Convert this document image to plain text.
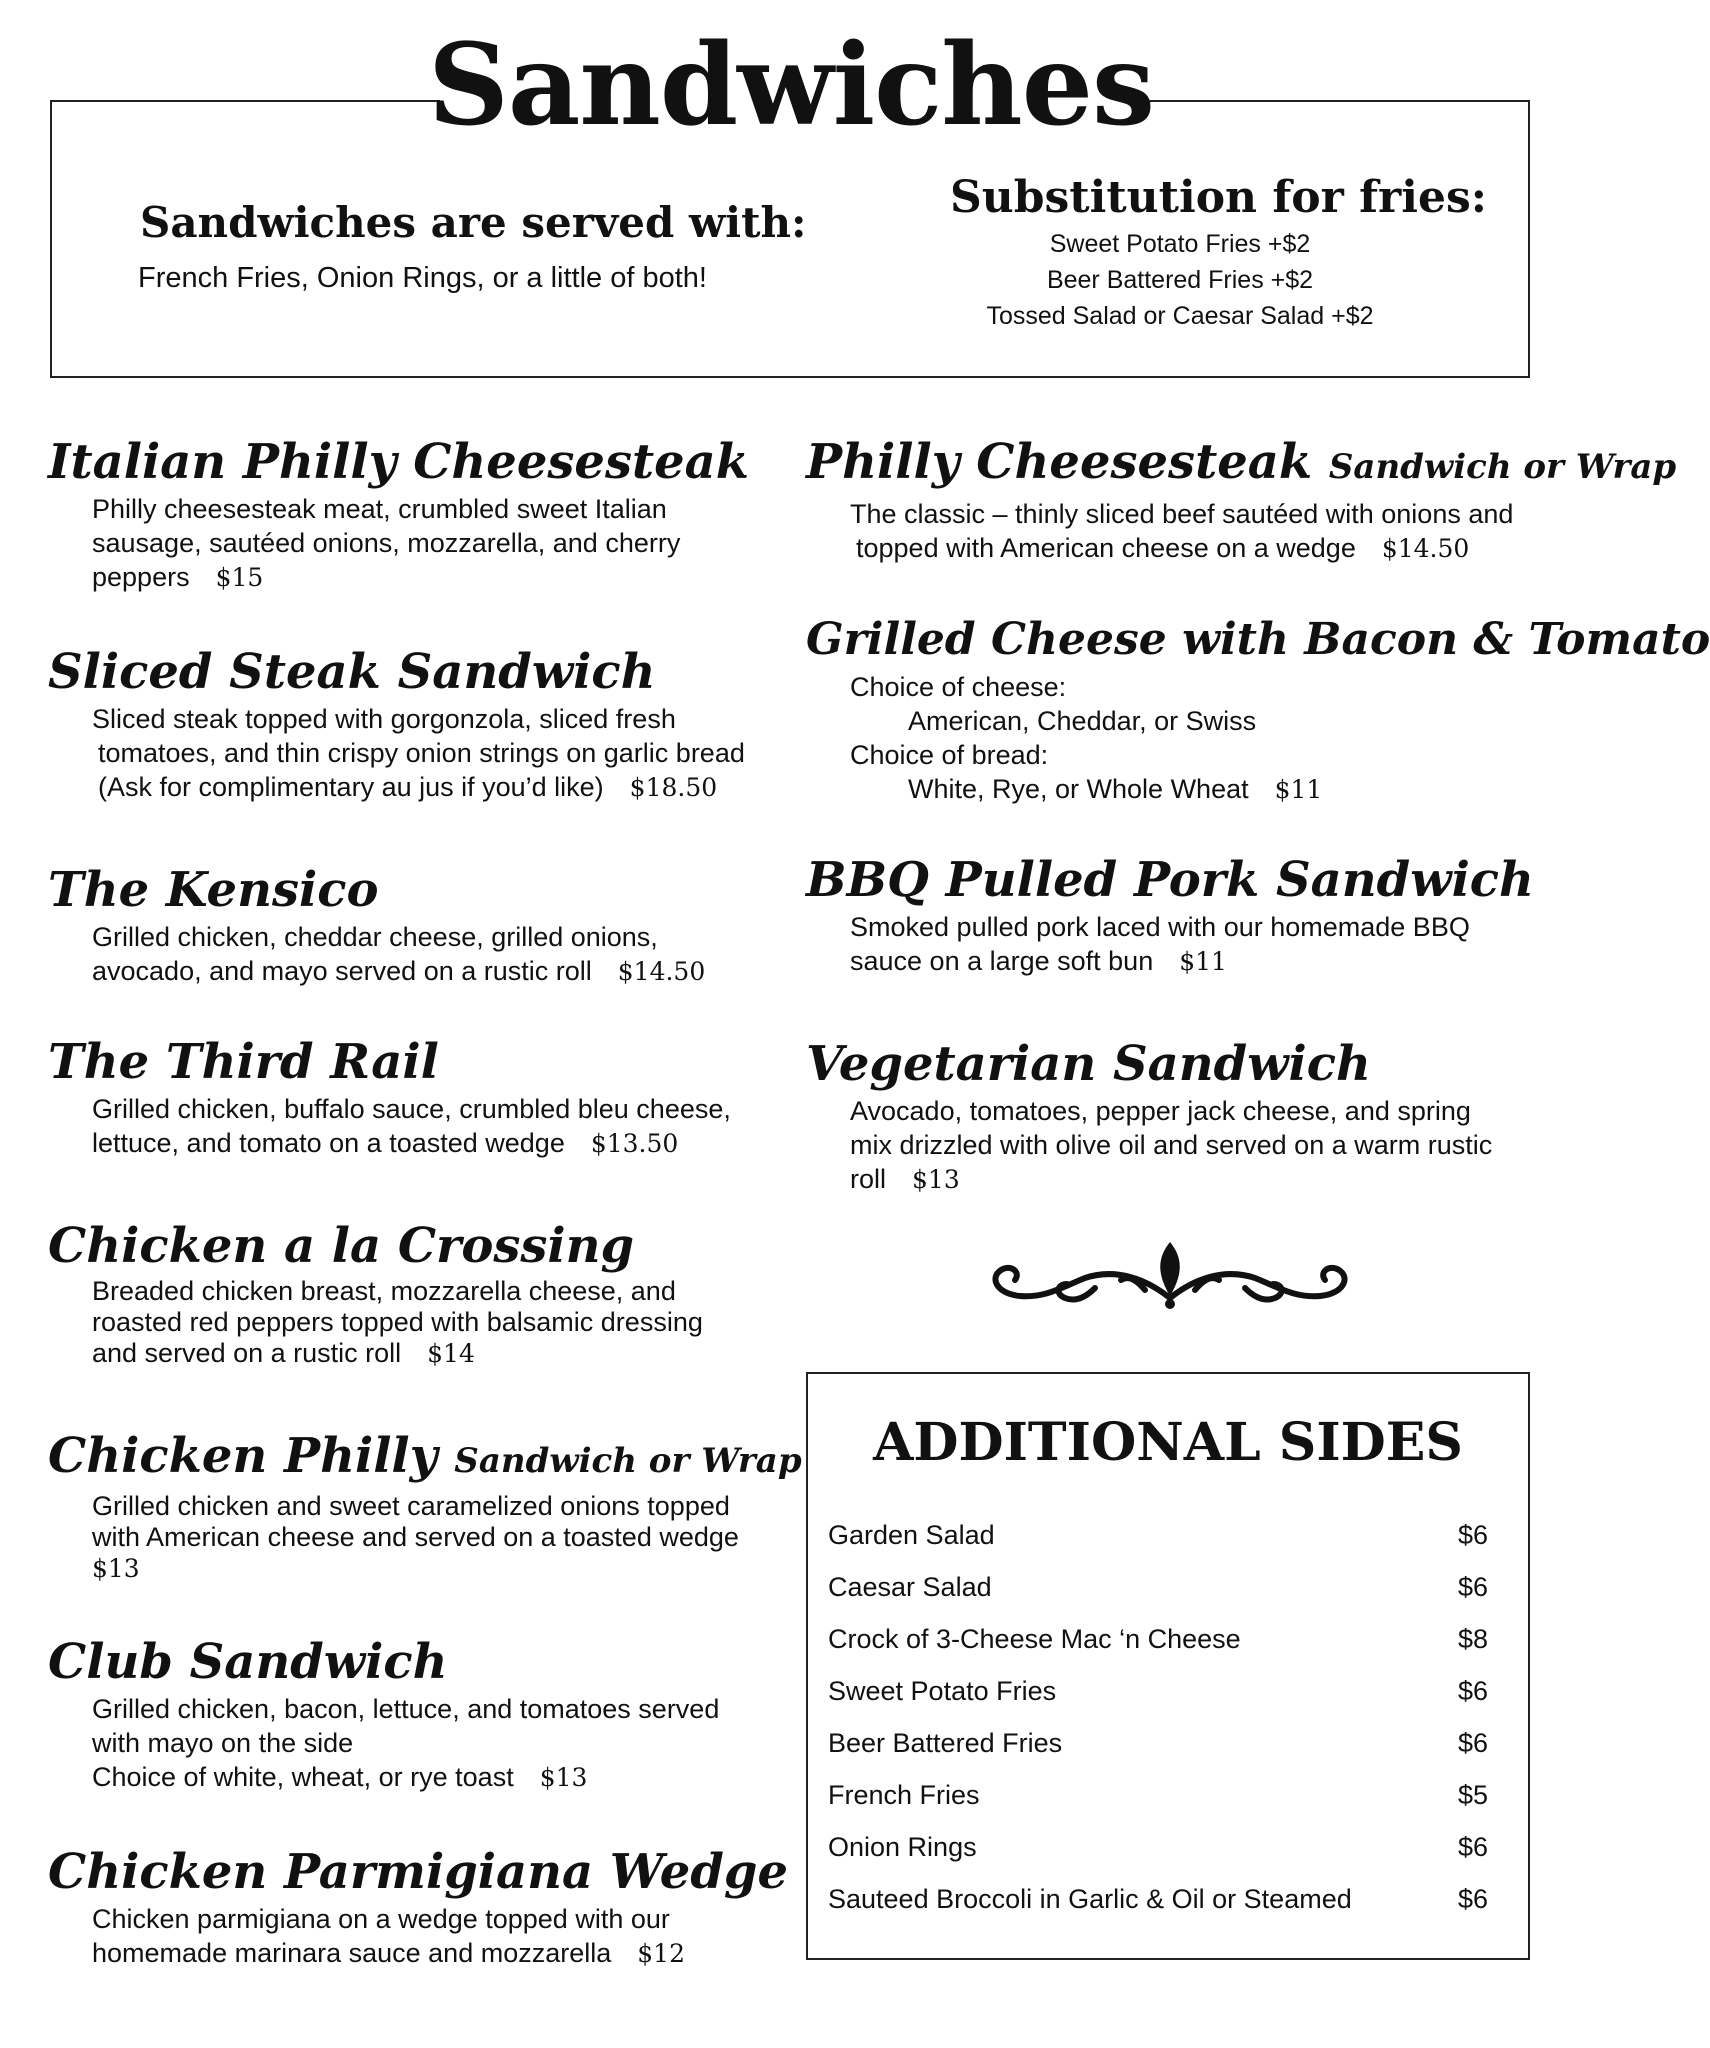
Sandwiches
Sandwiches are served with:
French Fries, Onion Rings, or a little of both!
Substitution for fries:
Sweet Potato Fries +$2
Beer Battered Fries +$2
Tossed Salad or Caesar Salad +$2
Italian Philly Cheesesteak
Philly cheesesteak meat, crumbled sweet Italian
sausage, sautéed onions, mozzarella, and cherry
peppers $15
Sliced Steak Sandwich
Sliced steak topped with gorgonzola, sliced fresh
tomatoes, and thin crispy onion strings on garlic bread
(Ask for complimentary au jus if you’d like) $18.50
The Kensico
Grilled chicken, cheddar cheese, grilled onions,
avocado, and mayo served on a rustic roll $14.50
The Third Rail
Grilled chicken, buffalo sauce, crumbled bleu cheese,
lettuce, and tomato on a toasted wedge $13.50
Chicken a la Crossing
Breaded chicken breast, mozzarella cheese, and
roasted red peppers topped with balsamic dressing
and served on a rustic roll $14
Chicken Philly Sandwich or Wrap
Grilled chicken and sweet caramelized onions topped
with American cheese and served on a toasted wedge
$13
Club Sandwich
Grilled chicken, bacon, lettuce, and tomatoes served
with mayo on the side
Choice of white, wheat, or rye toast $13
Chicken Parmigiana Wedge
Chicken parmigiana on a wedge topped with our
homemade marinara sauce and mozzarella $12
Philly Cheesesteak Sandwich or Wrap
The classic – thinly sliced beef sautéed with onions and
topped with American cheese on a wedge $14.50
Grilled Cheese with Bacon & Tomato
Choice of cheese:
American, Cheddar, or Swiss
Choice of bread:
White, Rye, or Whole Wheat $11
BBQ Pulled Pork Sandwich
Smoked pulled pork laced with our homemade BBQ
sauce on a large soft bun $11
Vegetarian Sandwich
Avocado, tomatoes, pepper jack cheese, and spring
mix drizzled with olive oil and served on a warm rustic
roll $13
ADDITIONAL SIDES
Garden Salad	$6
Caesar Salad	$6
Crock of 3-Cheese Mac ‘n Cheese	$8
Sweet Potato Fries	$6
Beer Battered Fries	$6
French Fries	$5
Onion Rings	$6
Sauteed Broccoli in Garlic & Oil or Steamed	$6
